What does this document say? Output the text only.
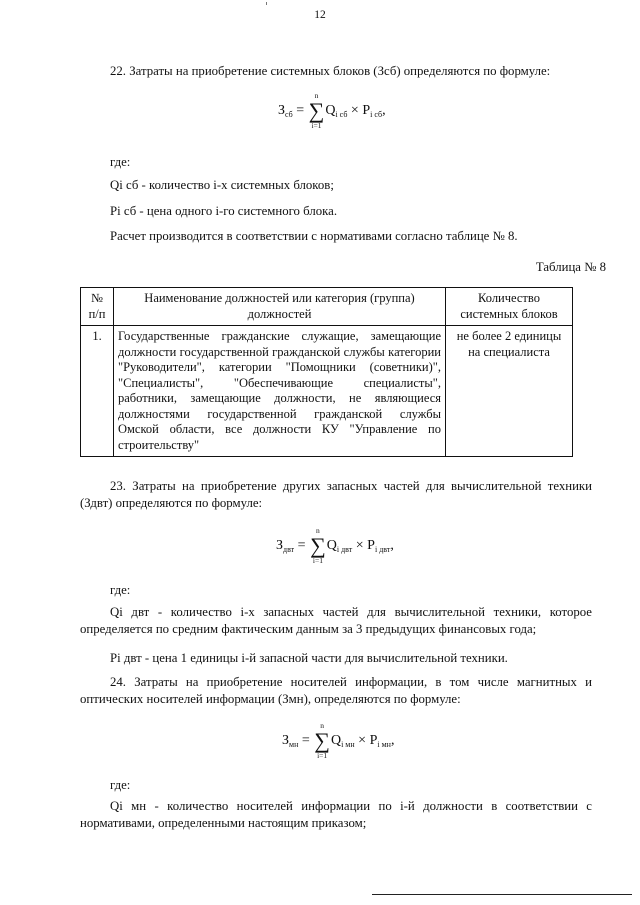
12
22. Затраты на приобретение системных блоков (Зсб) определяются по формуле:
$З_{сб}$ =
n
∑
i=1
$Q_{i сб} \times P_{i сб}$,
где:
Qi сб - количество i-х системных блоков;
Pi сб - цена одного i-го системного блока.
Расчет производится в соответствии с нормативами согласно таблице № 8.
Таблица № 8
№ п/п	Наименование должностей или категория (группа) должностей	Количество системных блоков
1.	Государственные гражданские служащие, замещающие должности государственной гражданской службы категории "Руководители", категории "Помощники (советники)", "Специалисты", "Обеспечивающие специалисты", работники, замещающие должности, не являющиеся должностями государственной гражданской службы Омской области, все должности КУ "Управление по строительству"	не более 2 единицы на специалиста
23. Затраты на приобретение других запасных частей для вычислительной техники (Здвт) определяются по формуле:
$З_{двт}$ =
n
∑
i=1
$Q_{i двт} \times P_{i двт}$,
где:
Qi двт - количество i-х запасных частей для вычислительной техники, которое определяется по средним фактическим данным за 3 предыдущих финансовых года;
Pi двт - цена 1 единицы i-й запасной части для вычислительной техники.
24. Затраты на приобретение носителей информации, в том числе магнитных и оптических носителей информации (Змн), определяются по формуле:
$З_{мн}$ =
n
∑
i=1
$Q_{i мн} \times P_{i мн}$,
где:
Qi мн - количество носителей информации по i-й должности в соответствии с нормативами, определенными настоящим приказом;
